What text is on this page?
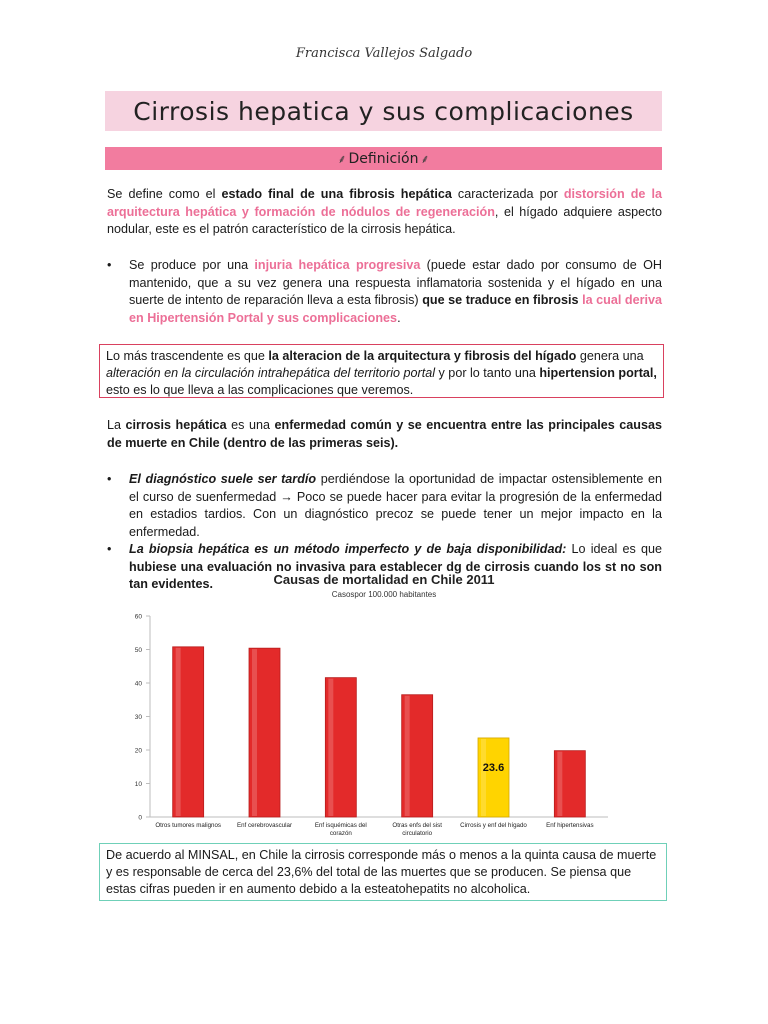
Francisca Vallejos Salgado
Cirrosis hepatica y sus complicaciones
⸙ Definición ⸙
Se define como el estado final de una fibrosis hepática caracterizada por distorsión de la arquitectura hepática y formación de nódulos de regeneración, el hígado adquiere aspecto nodular, este es el patrón característico de la cirrosis hepática.
• Se produce por una injuria hepática progresiva (puede estar dado por consumo de OH mantenido, que a su vez genera una respuesta inflamatoria sostenida y el hígado en una suerte de intento de reparación lleva a esta fibrosis) que se traduce en fibrosis la cual deriva en Hipertensión Portal y sus complicaciones.
Lo más trascendente es que la alteracion de la arquitectura y fibrosis del hígado genera una alteración en la circulación intrahepática del territorio portal y por lo tanto una hipertension portal, esto es lo que lleva a las complicaciones que veremos.
La cirrosis hepática es una enfermedad común y se encuentra entre las principales causas de muerte en Chile (dentro de las primeras seis).
• El diagnóstico suele ser tardío perdiéndose la oportunidad de impactar ostensiblemente en el curso de suenfermedad → Poco se puede hacer para evitar la progresión de la enfermedad en estadios tardios. Con un diagnóstico precoz se puede tener un mejor impacto en la enfermedad.
• La biopsia hepática es un método imperfecto y de baja disponibilidad: Lo ideal es que hubiese una evaluación no invasiva para establecer dg de cirrosis cuando los st no son tan evidentes.	Causas de mortalidad en Chile 2011
Casospor 100.000 habitantes
0
10
20
30
40
50
60
Otros tumores malignos	Enf cerebrovascular	Enf isquémicas del
corazón
Otras enfs del sist
circulatorio
23.6
Cirrosis y enf del hígado	Enf hipertensivas
De acuerdo al MINSAL, en Chile la cirrosis corresponde más o menos a la quinta causa de muerte y es responsable de cerca del 23,6% del total de las muertes que se producen. Se piensa que estas cifras pueden ir en aumento debido a la esteatohepatits no alcoholica.
